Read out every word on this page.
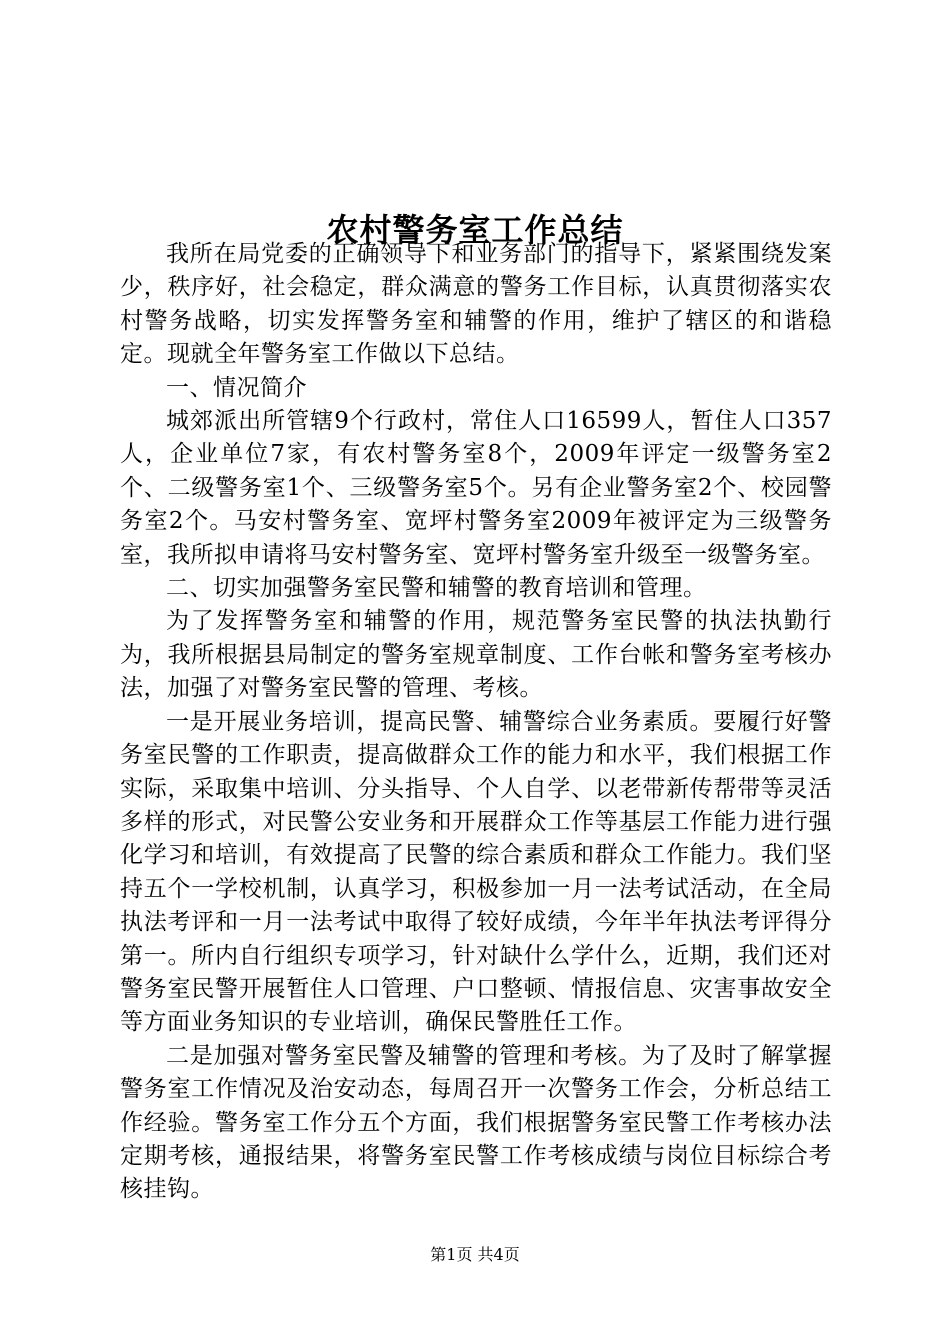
农村警务室工作总结

我所在局党委的正确领导下和业务部门的指导下，紧紧围绕发案少，秩序好，社会稳定，群众满意的警务工作目标，认真贯彻落实农村警务战略，切实发挥警务室和辅警的作用，维护了辖区的和谐稳定。现就全年警务室工作做以下总结。

一、情况简介

城郊派出所管辖9个行政村，常住人口16599人，暂住人口357人，企业单位7家，有农村警务室8个，2009年评定一级警务室2个、二级警务室1个、三级警务室5个。另有企业警务室2个、校园警务室2个。马安村警务室、宽坪村警务室2009年被评定为三级警务室，我所拟申请将马安村警务室、宽坪村警务室升级至一级警务室。

二、切实加强警务室民警和辅警的教育培训和管理。

为了发挥警务室和辅警的作用，规范警务室民警的执法执勤行为，我所根据县局制定的警务室规章制度、工作台帐和警务室考核办法，加强了对警务室民警的管理、考核。

一是开展业务培训，提高民警、辅警综合业务素质。要履行好警务室民警的工作职责，提高做群众工作的能力和水平，我们根据工作实际，采取集中培训、分头指导、个人自学、以老带新传帮带等灵活多样的形式，对民警公安业务和开展群众工作等基层工作能力进行强化学习和培训，有效提高了民警的综合素质和群众工作能力。我们坚持五个一学校机制，认真学习，积极参加一月一法考试活动，在全局执法考评和一月一法考试中取得了较好成绩，今年半年执法考评得分第一。所内自行组织专项学习，针对缺什么学什么，近期，我们还对警务室民警开展暂住人口管理、户口整顿、情报信息、灾害事故安全等方面业务知识的专业培训，确保民警胜任工作。

二是加强对警务室民警及辅警的管理和考核。为了及时了解掌握警务室工作情况及治安动态，每周召开一次警务工作会，分析总结工作经验。警务室工作分五个方面，我们根据警务室民警工作考核办法定期考核，通报结果，将警务室民警工作考核成绩与岗位目标综合考核挂钩。

第1页 共4页
